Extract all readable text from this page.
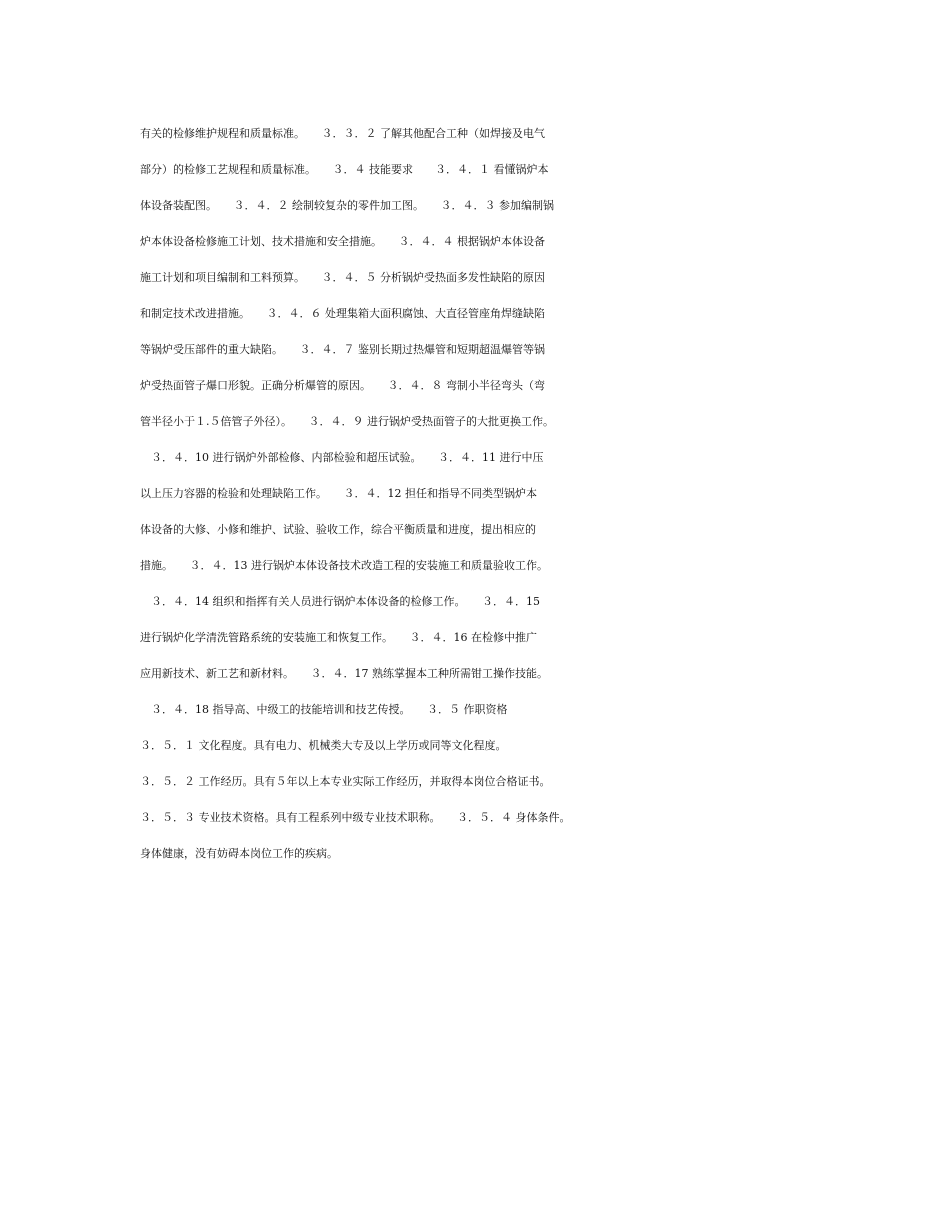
有关的检修维护规程和质量标准。　　３．３．２ 了解其他配合工种（如焊接及电气
部分）的检修工艺规程和质量标准。　　３．４ 技能要求　　３．４．１ 看懂锅炉本
体设备装配图。　　３．４．２ 绘制较复杂的零件加工图。　　３．４．３ 参加编制锅
炉本体设备检修施工计划、技术措施和安全措施。　　３．４．４ 根据锅炉本体设备
施工计划和项目编制和工料预算。　　３．４．５ 分析锅炉受热面多发性缺陷的原因
和制定技术改进措施。　　３．４．６ 处理集箱大面积腐蚀、大直径管座角焊缝缺陷
等锅炉受压部件的重大缺陷。　　３．４．７ 鉴别长期过热爆管和短期超温爆管等锅
炉受热面管子爆口形貌。正确分析爆管的原因。　　３．４．８ 弯制小半径弯头（弯
管半径小于１.５倍管子外径）。　　３．４．９ 进行锅炉受热面管子的大批更换工作。
　３．４．10 进行锅炉外部检修、内部检验和超压试验。　　３．４．11 进行中压
以上压力容器的检验和处理缺陷工作。　　３．４．12 担任和指导不同类型锅炉本
体设备的大修、小修和维护、试验、验收工作，综合平衡质量和进度，提出相应的
措施。　　３．４．13 进行锅炉本体设备技术改造工程的安装施工和质量验收工作。
　３．４．14 组织和指挥有关人员进行锅炉本体设备的检修工作。　　３．４．15
进行锅炉化学清洗管路系统的安装施工和恢复工作。　　３．４．16 在检修中推广
应用新技术、新工艺和新材料。　　３．４．17 熟练掌握本工种所需钳工操作技能。
　３．４．18 指导高、中级工的技能培训和技艺传授。　　３．５ 作职资格
３．５．１ 文化程度。具有电力、机械类大专及以上学历或同等文化程度。
３．５．２ 工作经历。具有５年以上本专业实际工作经历，并取得本岗位合格证书。
３．５．３ 专业技术资格。具有工程系列中级专业技术职称。　　３．５．４ 身体条件。
身体健康，没有妨碍本岗位工作的疾病。
